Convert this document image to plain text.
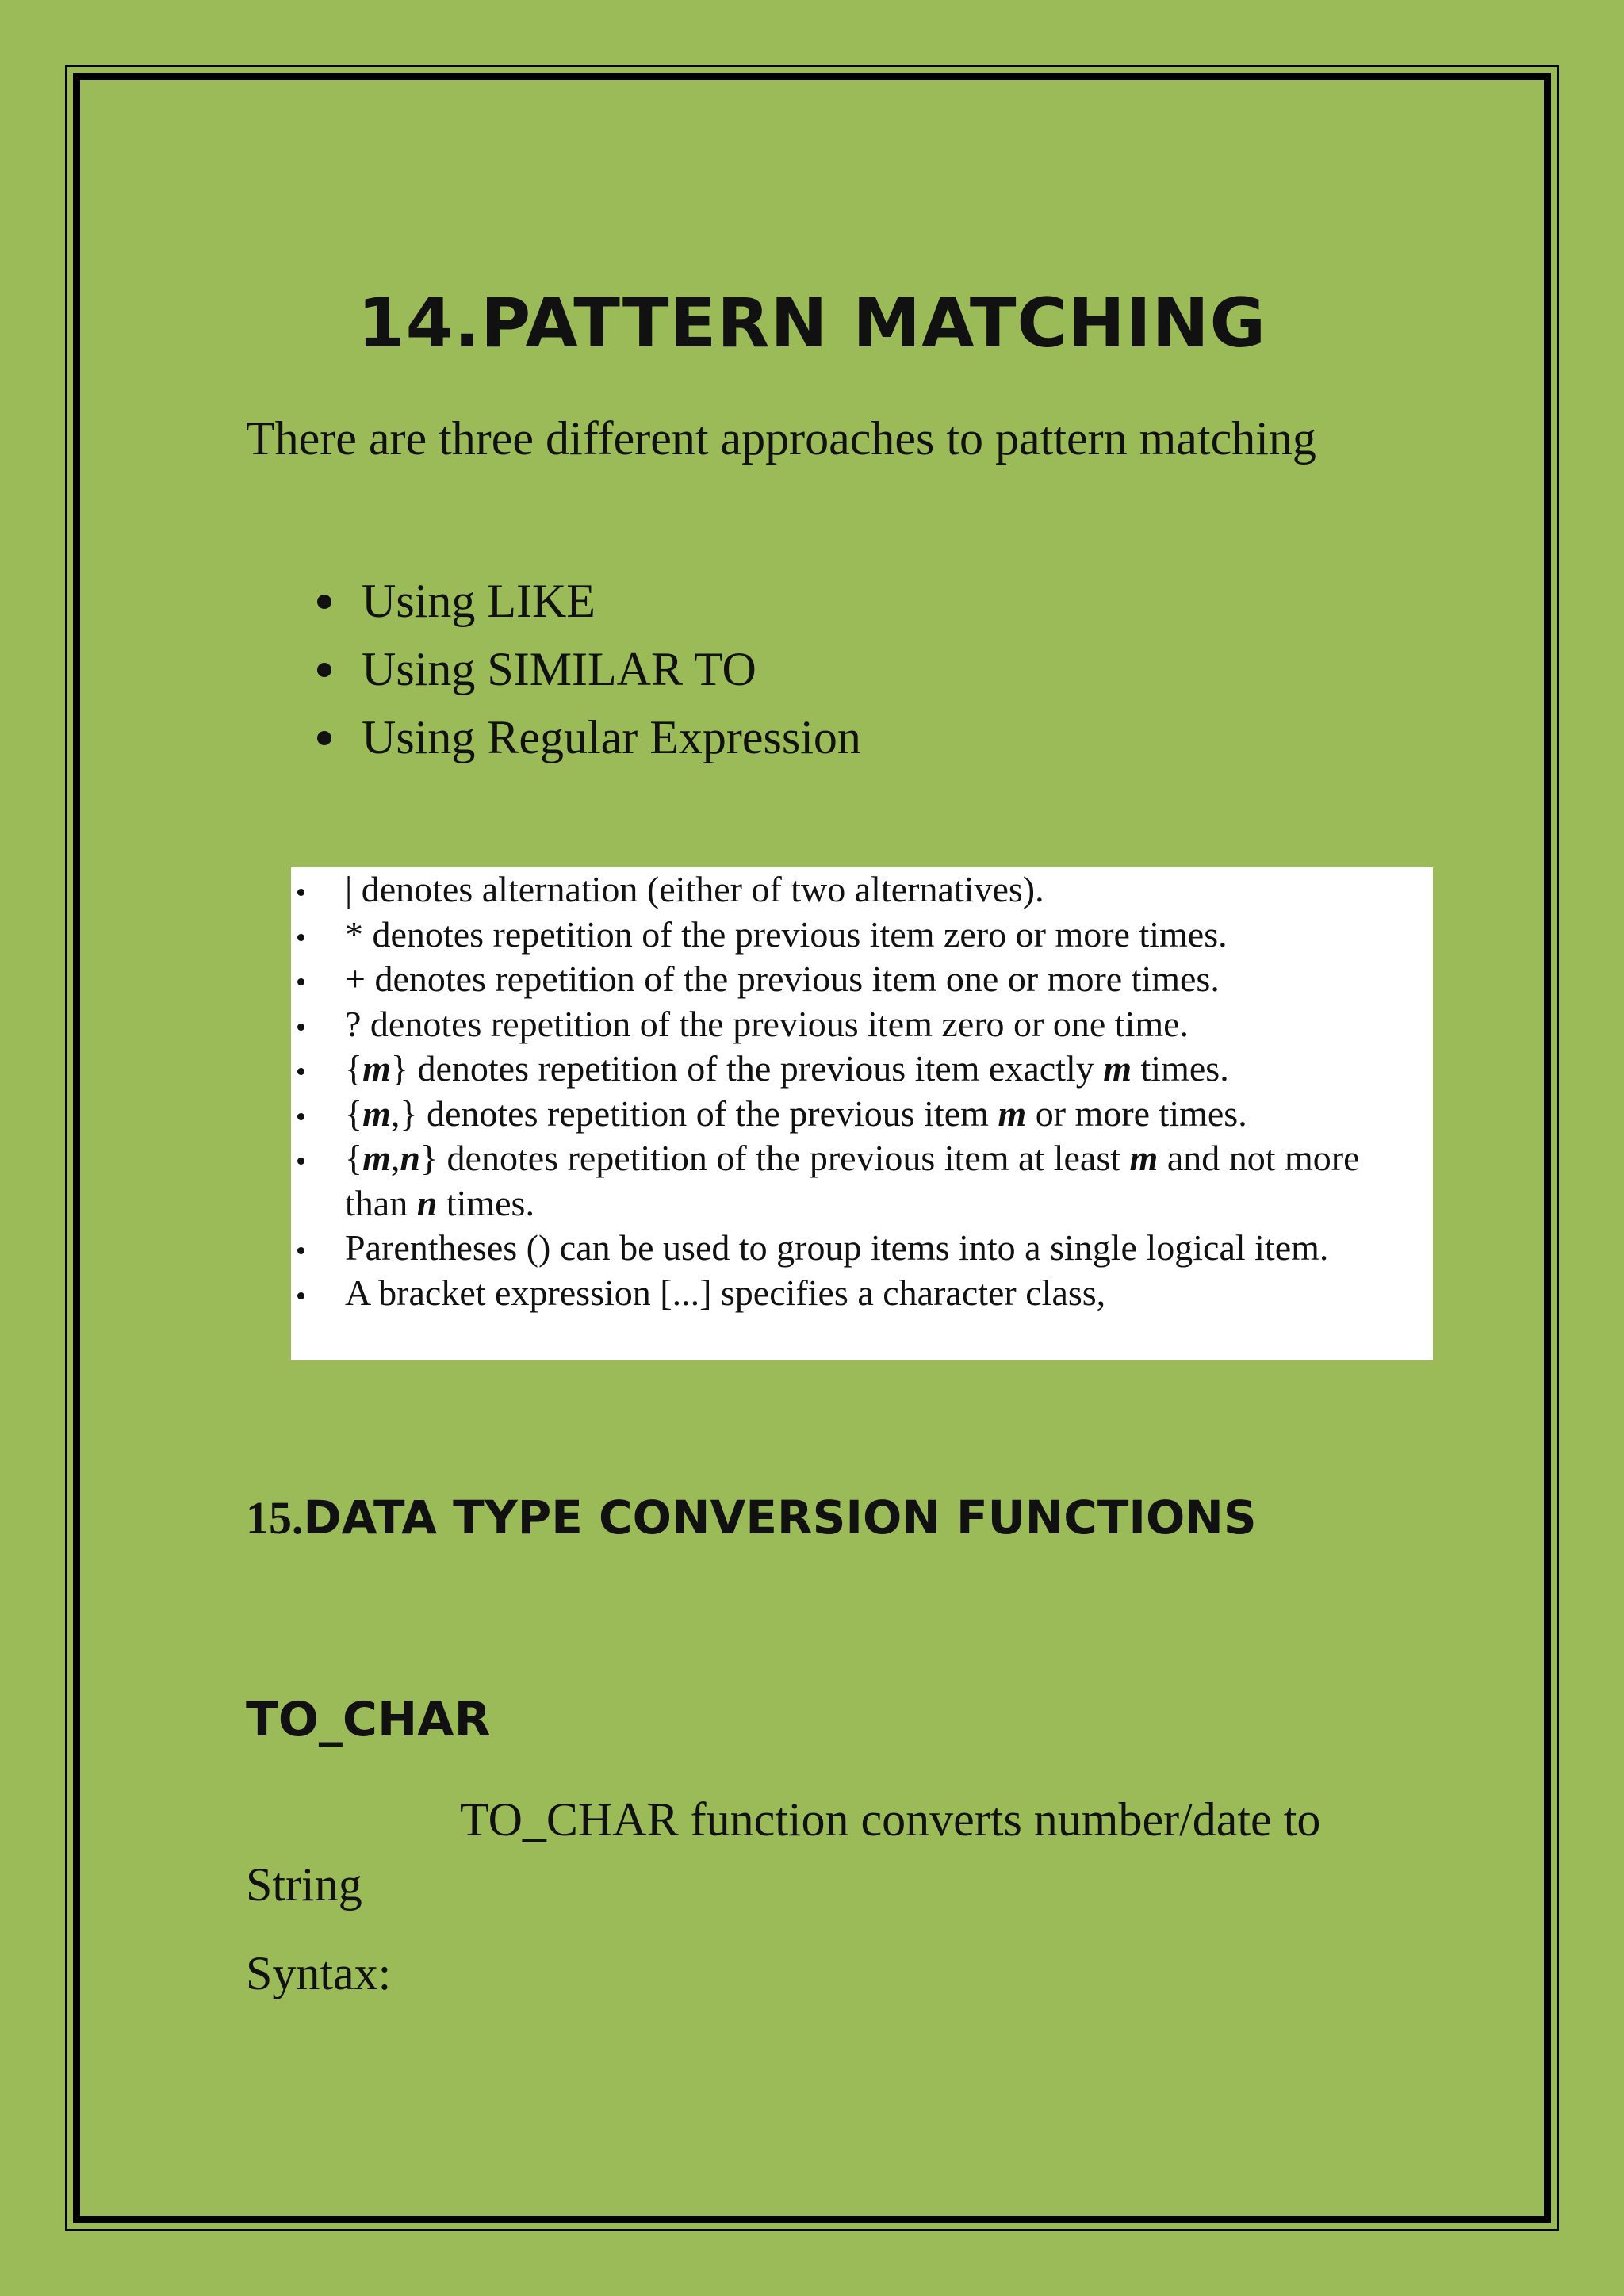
14.PATTERN MATCHING

There are three different approaches to pattern matching

Using LIKE
Using SIMILAR TO
Using Regular Expression
| denotes alternation (either of two alternatives).
* denotes repetition of the previous item zero or more times.
+ denotes repetition of the previous item one or more times.
? denotes repetition of the previous item zero or one time.
{m} denotes repetition of the previous item exactly m times.
{m,} denotes repetition of the previous item m or more times.
{m,n} denotes repetition of the previous item at least m and not more than n times.
Parentheses () can be used to group items into a single logical item.
A bracket expression [...] specifies a character class,
15.DATA TYPE CONVERSION FUNCTIONS
TO_CHAR

TO_CHAR function converts number/date to String

Syntax:
